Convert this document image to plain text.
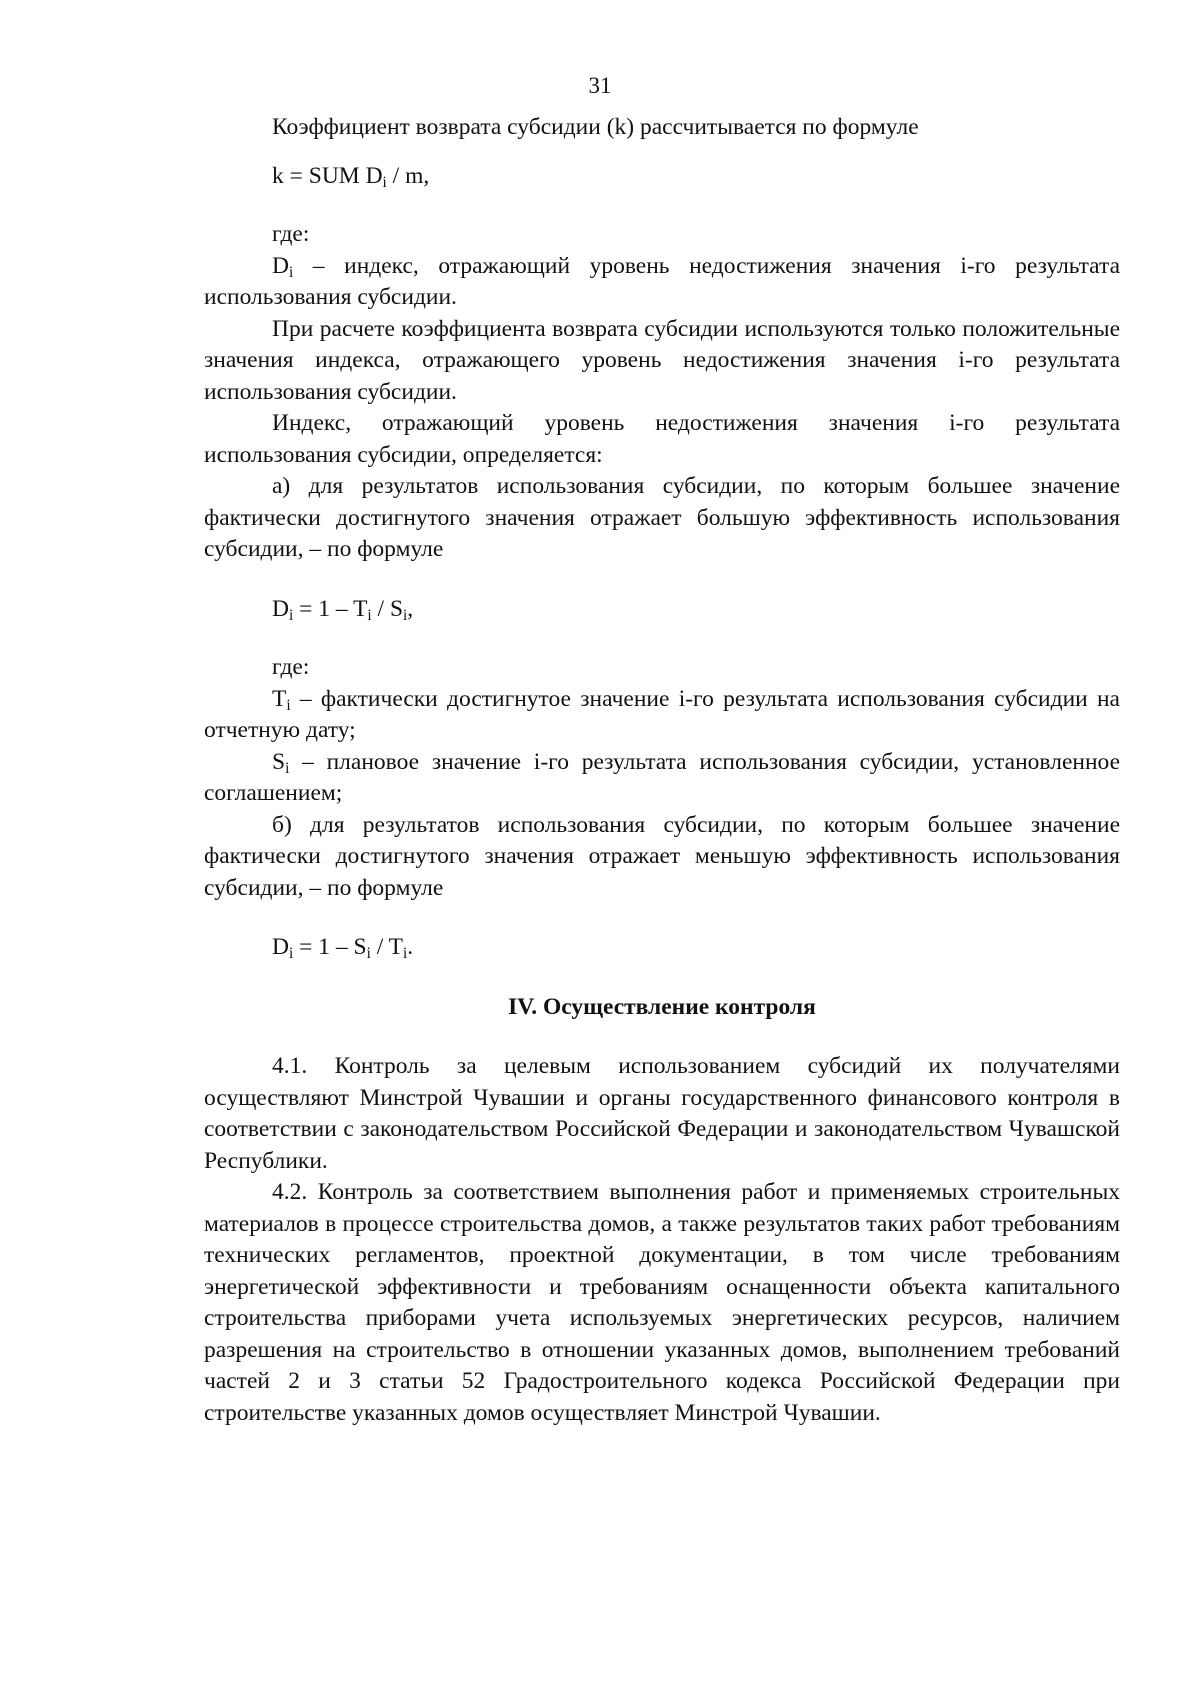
31

Коэффициент возврата субсидии (k) рассчитывается по формуле

k = SUM $D_i$ / m,

где:

$D_i$ – индекс, отражающий уровень недостижения значения i-го результата использования субсидии.

При расчете коэффициента возврата субсидии используются только положительные значения индекса, отражающего уровень недостижения значения i-го результата использования субсидии.

Индекс, отражающий уровень недостижения значения i-го результата использования субсидии, определяется:

а) для результатов использования субсидии, по которым большее значение фактически достигнутого значения отражает большую эффективность использования субсидии, – по формуле

$D_i = 1 - T_i / S_i$,

где:

$T_i$ – фактически достигнутое значение i-го результата использования субсидии на отчетную дату;

$S_i$ – плановое значение i-го результата использования субсидии, установленное соглашением;

б) для результатов использования субсидии, по которым большее значение фактически достигнутого значения отражает меньшую эффективность использования субсидии, – по формуле

$D_i = 1 - S_i / T_i$.
IV. Осуществление контроля

4.1. Контроль за целевым использованием субсидий их получателями осуществляют Минстрой Чувашии и органы государственного финансового контроля в соответствии с законодательством Российской Федерации и законодательством Чувашской Республики.

4.2. Контроль за соответствием выполнения работ и применяемых строительных материалов в процессе строительства домов, а также результатов таких работ требованиям технических регламентов, проектной документации, в том числе требованиям энергетической эффективности и требованиям оснащенности объекта капитального строительства приборами учета используемых энергетических ресурсов, наличием разрешения на строительство в отношении указанных домов, выполнением требований частей 2 и 3 статьи 52 Градостроительного кодекса Российской Федерации при строительстве указанных домов осуществляет Минстрой Чувашии.
